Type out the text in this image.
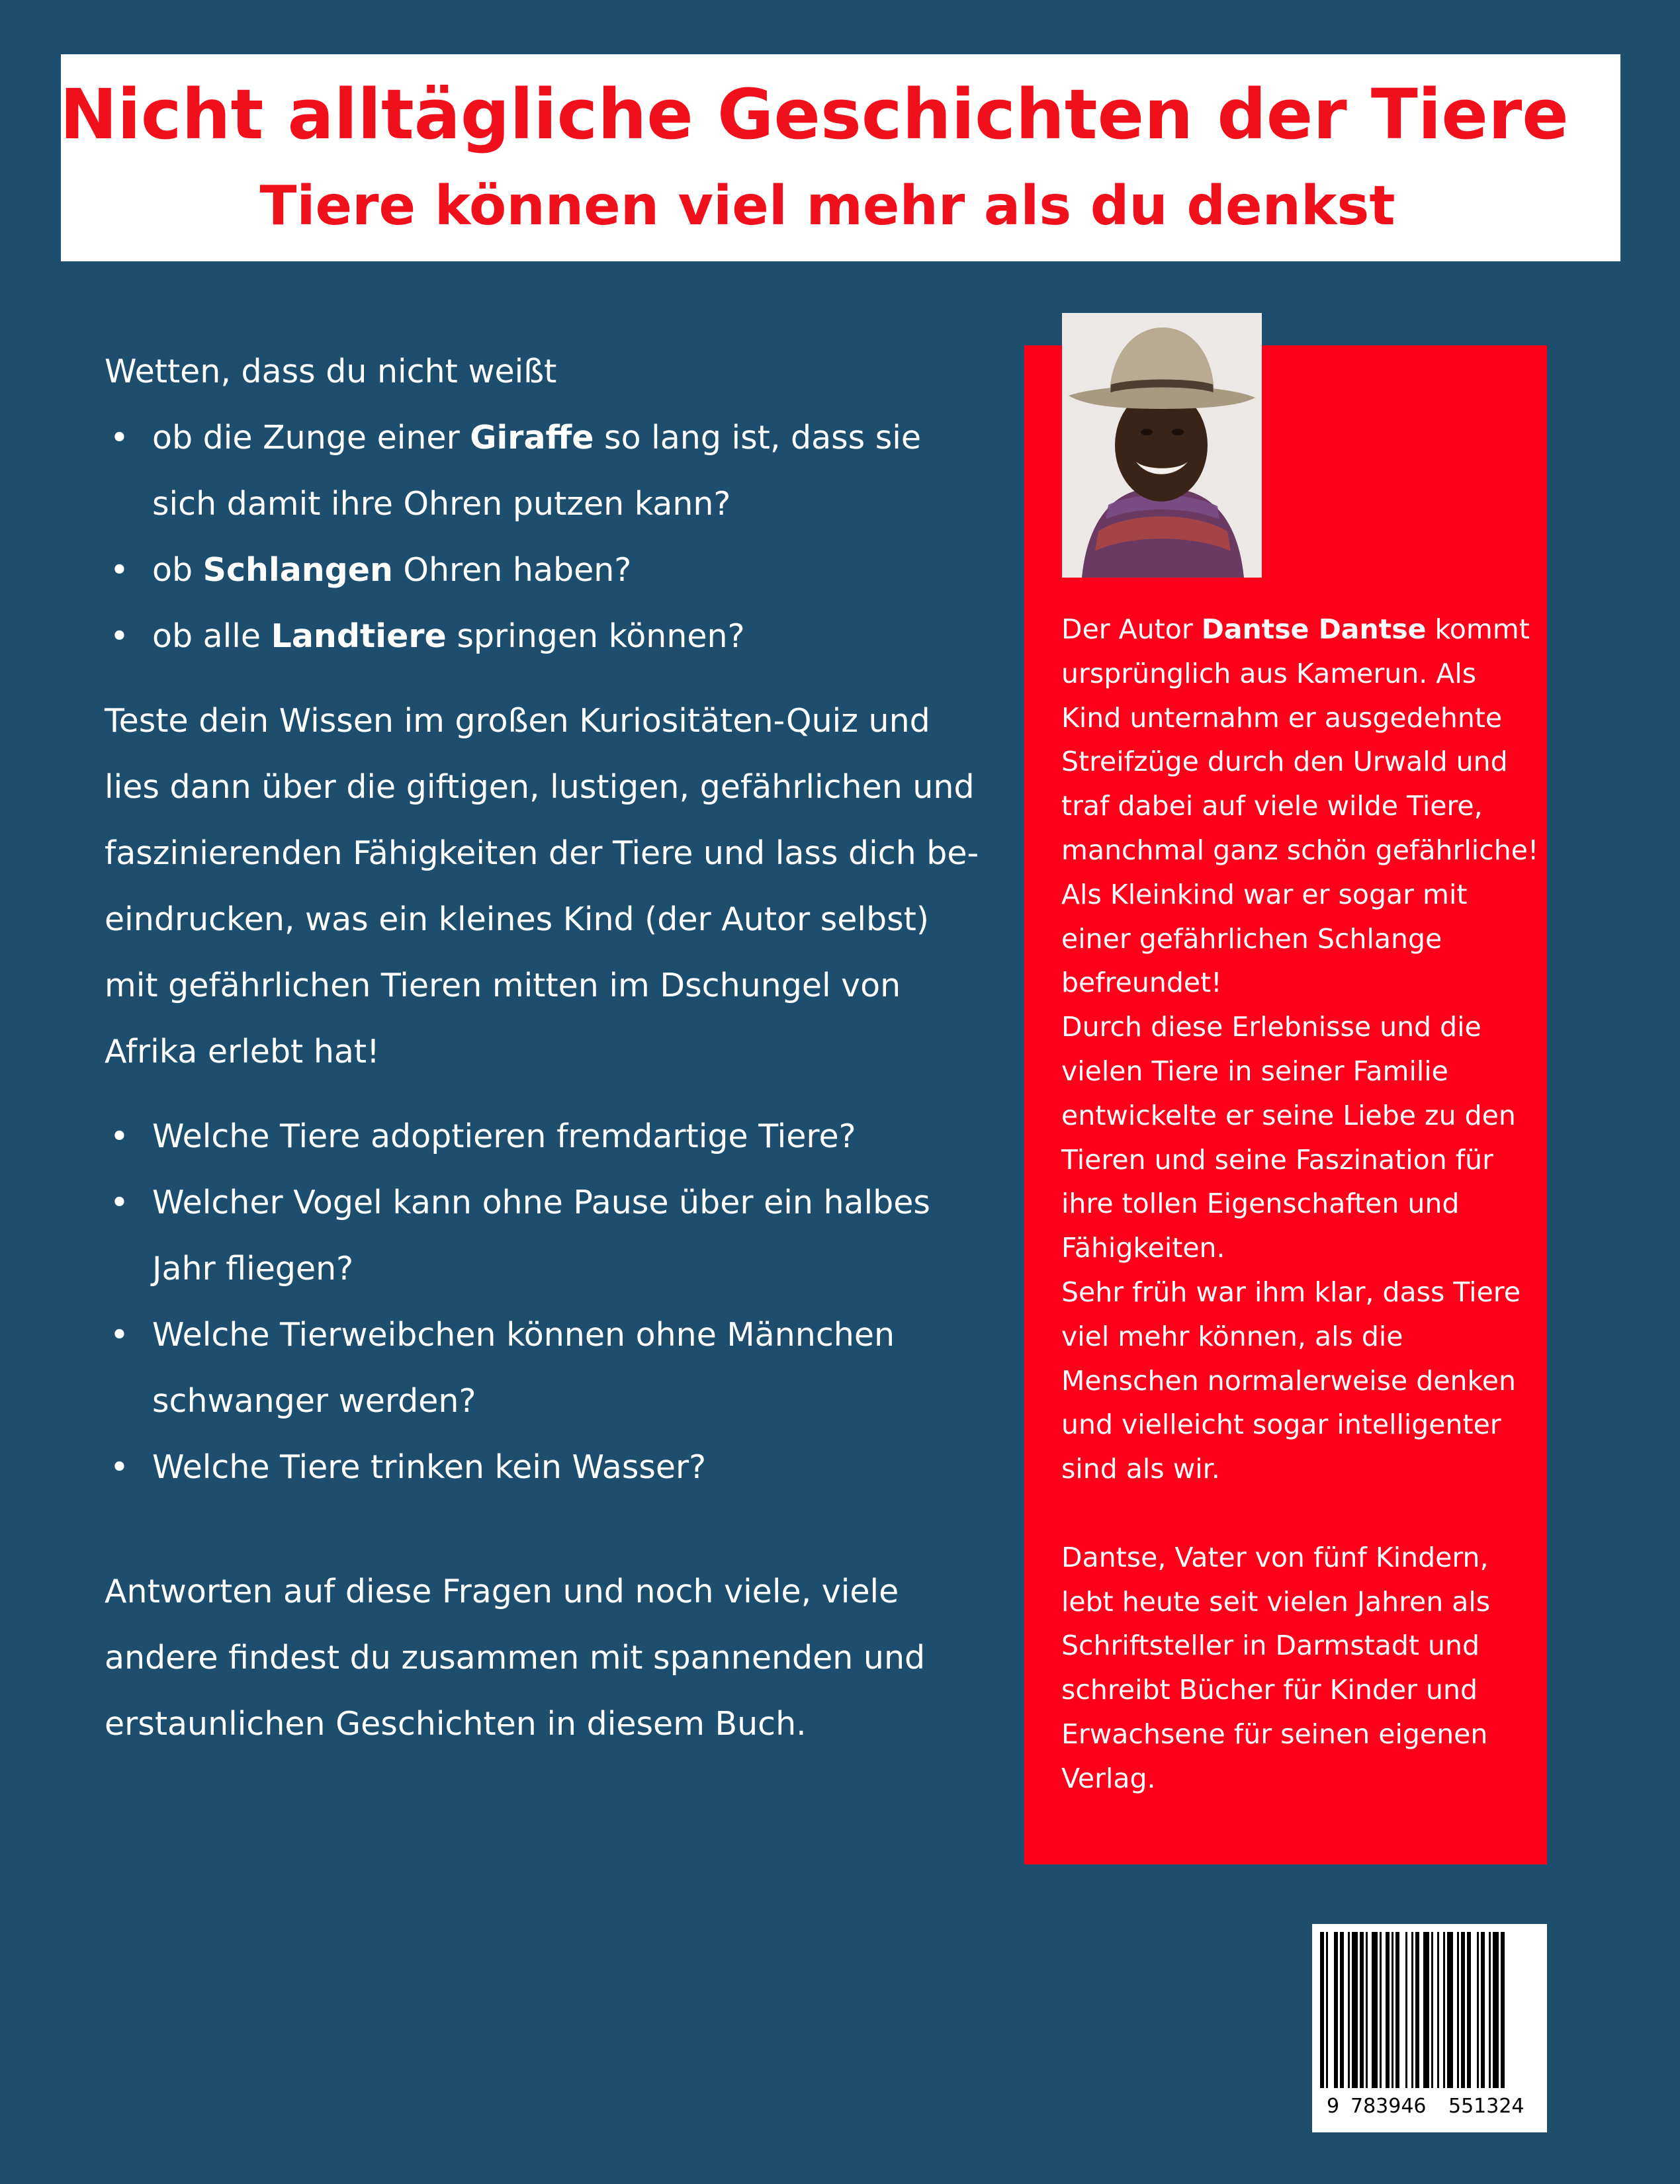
Nicht alltägliche Geschichten der Tiere
Tiere können viel mehr als du denkst

Wetten, dass du nicht weißt

• ob die Zunge einer Giraffe so lang ist, dass sie
sich damit ihre Ohren putzen kann?
• ob Schlangen Ohren haben?
• ob alle Landtiere springen können?
Teste dein Wissen im großen Kuriositäten-Quiz und
lies dann über die giftigen, lustigen, gefährlichen und
faszinierenden Fähigkeiten der Tiere und lass dich be-
eindrucken, was ein kleines Kind (der Autor selbst)
mit gefährlichen Tieren mitten im Dschungel von
Afrika erlebt hat!
• Welche Tiere adoptieren fremdartige Tiere?
• Welcher Vogel kann ohne Pause über ein halbes
Jahr fliegen?
• Welche Tierweibchen können ohne Männchen
schwanger werden?
• Welche Tiere trinken kein Wasser?
Antworten auf diese Fragen und noch viele, viele
andere findest du zusammen mit spannenden und
erstaunlichen Geschichten in diesem Buch.
Der Autor Dantse Dantse kommt
ursprünglich aus Kamerun. Als
Kind unternahm er ausgedehnte
Streifzüge durch den Urwald und
traf dabei auf viele wilde Tiere,
manchmal ganz schön gefährliche!
Als Kleinkind war er sogar mit
einer gefährlichen Schlange
befreundet!
Durch diese Erlebnisse und die
vielen Tiere in seiner Familie
entwickelte er seine Liebe zu den
Tieren und seine Faszination für
ihre tollen Eigenschaften und
Fähigkeiten.
Sehr früh war ihm klar, dass Tiere
viel mehr können, als die
Menschen normalerweise denken
und vielleicht sogar intelligenter
sind als wir.
Dantse, Vater von fünf Kindern,
lebt heute seit vielen Jahren als
Schriftsteller in Darmstadt und
schreibt Bücher für Kinder und
Erwachsene für seinen eigenen
Verlag.
9 783946 551324
